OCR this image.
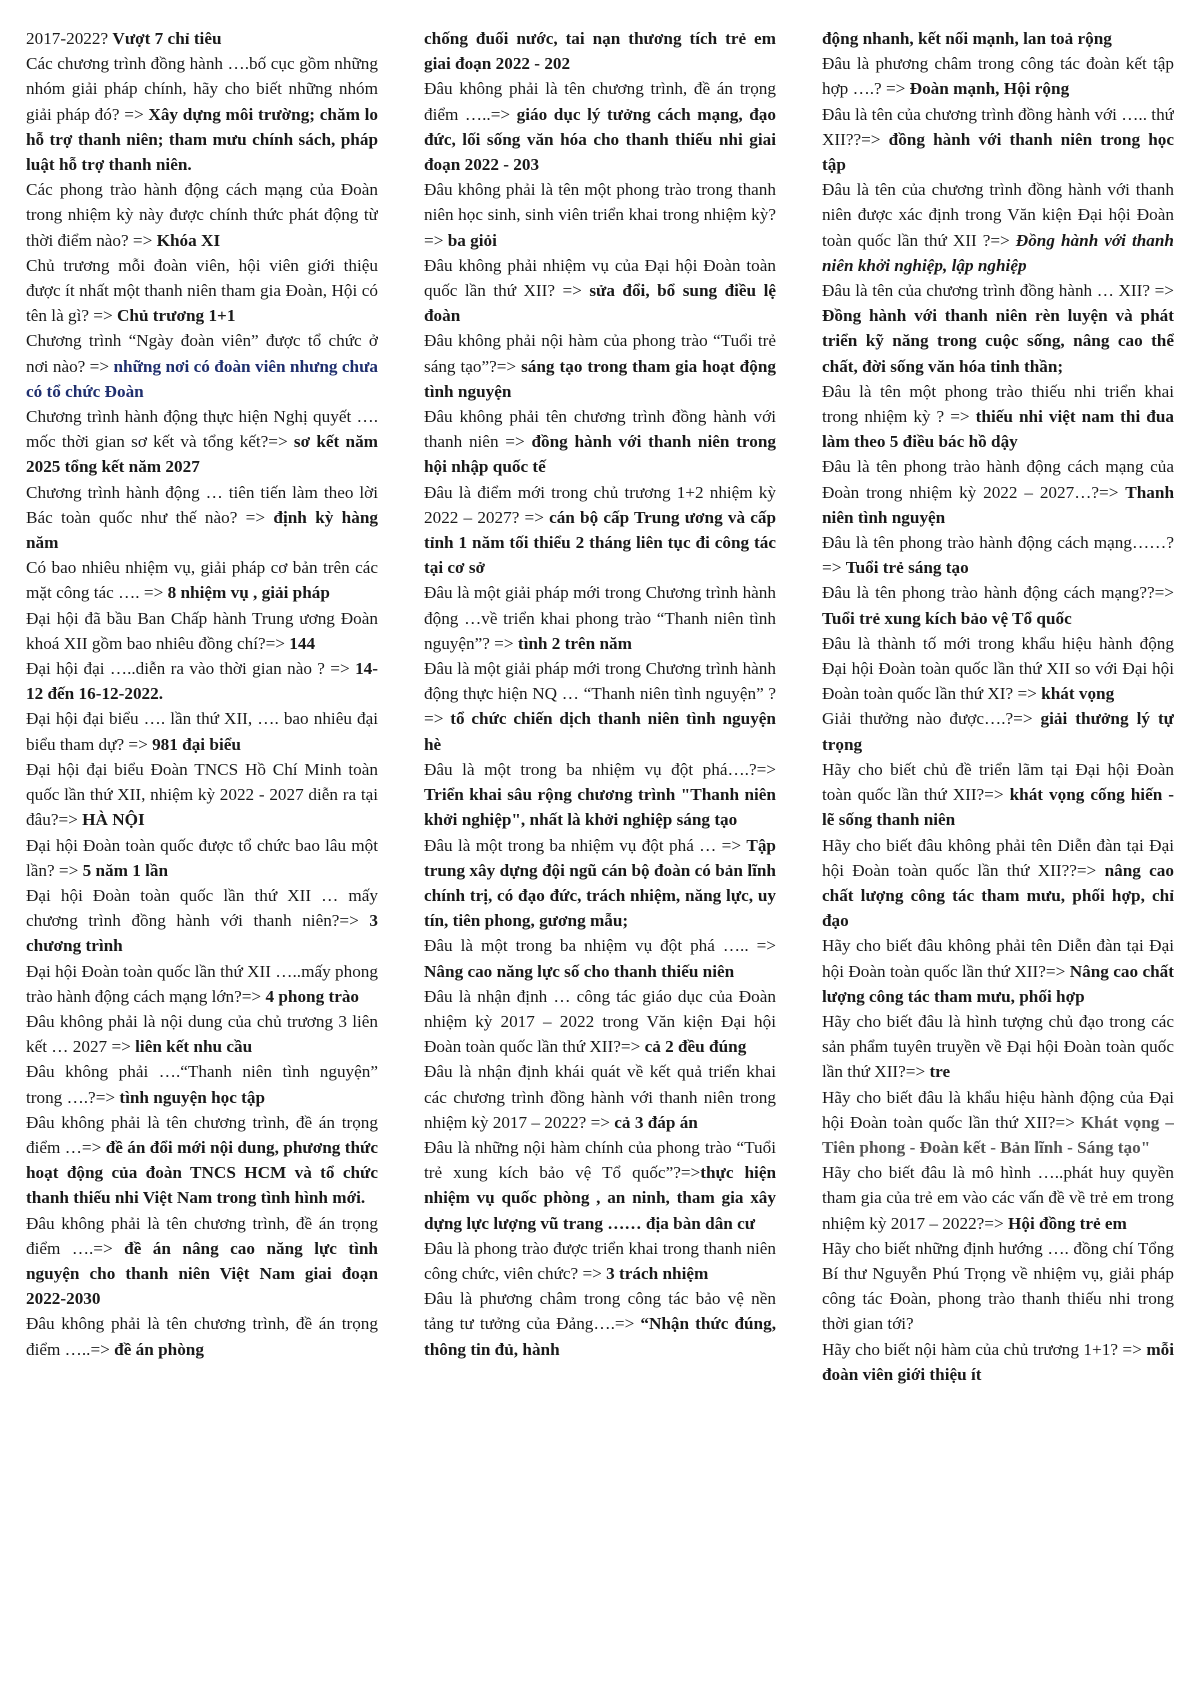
2017-2022? Vượt 7 chỉ tiêu

Các chương trình đồng hành ….bố cục gồm những nhóm giải pháp chính, hãy cho biết những nhóm giải pháp đó? => Xây dựng môi trường; chăm lo hỗ trợ thanh niên; tham mưu chính sách, pháp luật hỗ trợ thanh niên.

Các phong trào hành động cách mạng của Đoàn trong nhiệm kỳ này được chính thức phát động từ thời điểm nào? => Khóa XI

Chủ trương mỗi đoàn viên, hội viên giới thiệu được ít nhất một thanh niên tham gia Đoàn, Hội có tên là gì? => Chủ trương 1+1

Chương trình “Ngày đoàn viên” được tổ chức ở nơi nào? => những nơi có đoàn viên nhưng chưa có tổ chức Đoàn

Chương trình hành động thực hiện Nghị quyết …. mốc thời gian sơ kết và tổng kết?=> sơ kết năm 2025 tổng kết năm 2027

Chương trình hành động … tiên tiến làm theo lời Bác toàn quốc như thế nào? => định kỳ hàng năm

Có bao nhiêu nhiệm vụ, giải pháp cơ bản trên các mặt công tác …. => 8 nhiệm vụ , giải pháp

Đại hội đã bầu Ban Chấp hành Trung ương Đoàn khoá XII gồm bao nhiêu đồng chí?=> 144

Đại hội đại …..diễn ra vào thời gian nào ? => 14-12 đến 16-12-2022.

Đại hội đại biểu …. lần thứ XII, …. bao nhiêu đại biểu tham dự? => 981 đại biểu

Đại hội đại biểu Đoàn TNCS Hồ Chí Minh toàn quốc lần thứ XII, nhiệm kỳ 2022 - 2027 diễn ra tại đâu?=> HÀ NỘI

Đại hội Đoàn toàn quốc được tổ chức bao lâu một lần? => 5 năm 1 lần

Đại hội Đoàn toàn quốc lần thứ XII … mấy chương trình đồng hành với thanh niên?=> 3 chương trình

Đại hội Đoàn toàn quốc lần thứ XII …..mấy phong trào hành động cách mạng lớn?=> 4 phong trào

Đâu không phải là nội dung của chủ trương 3 liên kết … 2027 => liên kết nhu cầu

Đâu không phải ….“Thanh niên tình nguyện” trong ….?=> tình nguyện học tập

Đâu không phải là tên chương trình, đề án trọng điểm …=> đề án đổi mới nội dung, phương thức hoạt động của đoàn TNCS HCM và tổ chức thanh thiếu nhi Việt Nam trong tình hình mới.

Đâu không phải là tên chương trình, đề án trọng điểm ….=> đề án nâng cao năng lực tình nguyện cho thanh niên Việt Nam giai đoạn 2022-2030

Đâu không phải là tên chương trình, đề án trọng điểm …..=> đề án phòng

chống đuối nước, tai nạn thương tích trẻ em giai đoạn 2022 - 202

Đâu không phải là tên chương trình, đề án trọng điểm …..=> giáo dục lý tưởng cách mạng, đạo đức, lối sống văn hóa cho thanh thiếu nhi giai đoạn 2022 - 203

Đâu không phải là tên một phong trào trong thanh niên học sinh, sinh viên triển khai trong nhiệm kỳ?=> ba giỏi

Đâu không phải nhiệm vụ của Đại hội Đoàn toàn quốc lần thứ XII? => sửa đổi, bổ sung điều lệ đoàn

Đâu không phải nội hàm của phong trào “Tuổi trẻ sáng tạo”?=> sáng tạo trong tham gia hoạt động tình nguyện

Đâu không phải tên chương trình đồng hành với thanh niên => đồng hành với thanh niên trong hội nhập quốc tế

Đâu là điểm mới trong chủ trương 1+2 nhiệm kỳ 2022 – 2027? => cán bộ cấp Trung ương và cấp tỉnh 1 năm tối thiểu 2 tháng liên tục đi công tác tại cơ sở

Đâu là một giải pháp mới trong Chương trình hành động …về triển khai phong trào “Thanh niên tình nguyện”? => tình 2 trên năm

Đâu là một giải pháp mới trong Chương trình hành động thực hiện NQ … “Thanh niên tình nguyện” ?=> tổ chức chiến dịch thanh niên tình nguyện hè

Đâu là một trong ba nhiệm vụ đột phá….?=> Triển khai sâu rộng chương trình "Thanh niên khởi nghiệp", nhất là khởi nghiệp sáng tạo

Đâu là một trong ba nhiệm vụ đột phá … => Tập trung xây dựng đội ngũ cán bộ đoàn có bản lĩnh chính trị, có đạo đức, trách nhiệm, năng lực, uy tín, tiên phong, gương mẫu;

Đâu là một trong ba nhiệm vụ đột phá ….. => Nâng cao năng lực số cho thanh thiếu niên

Đâu là nhận định … công tác giáo dục của Đoàn nhiệm kỳ 2017 – 2022 trong Văn kiện Đại hội Đoàn toàn quốc lần thứ XII?=> cả 2 đều đúng

Đâu là nhận định khái quát về kết quả triển khai các chương trình đồng hành với thanh niên trong nhiệm kỳ 2017 – 2022? => cả 3 đáp án

Đâu là những nội hàm chính của phong trào “Tuổi trẻ xung kích bảo vệ Tổ quốc”?=>thực hiện nhiệm vụ quốc phòng , an ninh, tham gia xây dựng lực lượng vũ trang …… địa bàn dân cư

Đâu là phong trào được triển khai trong thanh niên công chức, viên chức? => 3 trách nhiệm

Đâu là phương châm trong công tác bảo vệ nền tảng tư tưởng của Đảng….=> “Nhận thức đúng, thông tin đủ, hành

động nhanh, kết nối mạnh, lan toả rộng

Đâu là phương châm trong công tác đoàn kết tập hợp ….? => Đoàn mạnh, Hội rộng

Đâu là tên của chương trình đồng hành với ….. thứ XII??=> đồng hành với thanh niên trong học tập

Đâu là tên của chương trình đồng hành với thanh niên được xác định trong Văn kiện Đại hội Đoàn toàn quốc lần thứ XII ?=> Đồng hành với thanh niên khởi nghiệp, lập nghiệp

Đâu là tên của chương trình đồng hành … XII? => Đồng hành với thanh niên rèn luyện và phát triển kỹ năng trong cuộc sống, nâng cao thể chất, đời sống văn hóa tinh thần;

Đâu là tên một phong trào thiếu nhi triển khai trong nhiệm kỳ ? => thiếu nhi việt nam thi đua làm theo 5 điều bác hồ dậy

Đâu là tên phong trào hành động cách mạng của Đoàn trong nhiệm kỳ 2022 – 2027…?=> Thanh niên tình nguyện

Đâu là tên phong trào hành động cách mạng……?=> Tuổi trẻ sáng tạo

Đâu là tên phong trào hành động cách mạng??=> Tuổi trẻ xung kích bảo vệ Tổ quốc

Đâu là thành tố mới trong khẩu hiệu hành động Đại hội Đoàn toàn quốc lần thứ XII so với Đại hội Đoàn toàn quốc lần thứ XI? => khát vọng

Giải thưởng nào được….?=> giải thưởng lý tự trọng

Hãy cho biết chủ đề triển lãm tại Đại hội Đoàn toàn quốc lần thứ XII?=> khát vọng cống hiến - lẽ sống thanh niên

Hãy cho biết đâu không phải tên Diễn đàn tại Đại hội Đoàn toàn quốc lần thứ XII??=> nâng cao chất lượng công tác tham mưu, phối hợp, chỉ đạo

Hãy cho biết đâu không phải tên Diễn đàn tại Đại hội Đoàn toàn quốc lần thứ XII?=> Nâng cao chất lượng công tác tham mưu, phối hợp

Hãy cho biết đâu là hình tượng chủ đạo trong các sản phẩm tuyên truyền về Đại hội Đoàn toàn quốc lần thứ XII?=> tre

Hãy cho biết đâu là khẩu hiệu hành động của Đại hội Đoàn toàn quốc lần thứ XII?=> Khát vọng – Tiên phong - Đoàn kết - Bản lĩnh - Sáng tạo"

Hãy cho biết đâu là mô hình …..phát huy quyền tham gia của trẻ em vào các vấn đề về trẻ em trong nhiệm kỳ 2017 – 2022?=> Hội đồng trẻ em

Hãy cho biết những định hướng …. đồng chí Tổng Bí thư Nguyễn Phú Trọng về nhiệm vụ, giải pháp công tác Đoàn, phong trào thanh thiếu nhi trong thời gian tới?

Hãy cho biết nội hàm của chủ trương 1+1? => mỗi đoàn viên giới thiệu ít
